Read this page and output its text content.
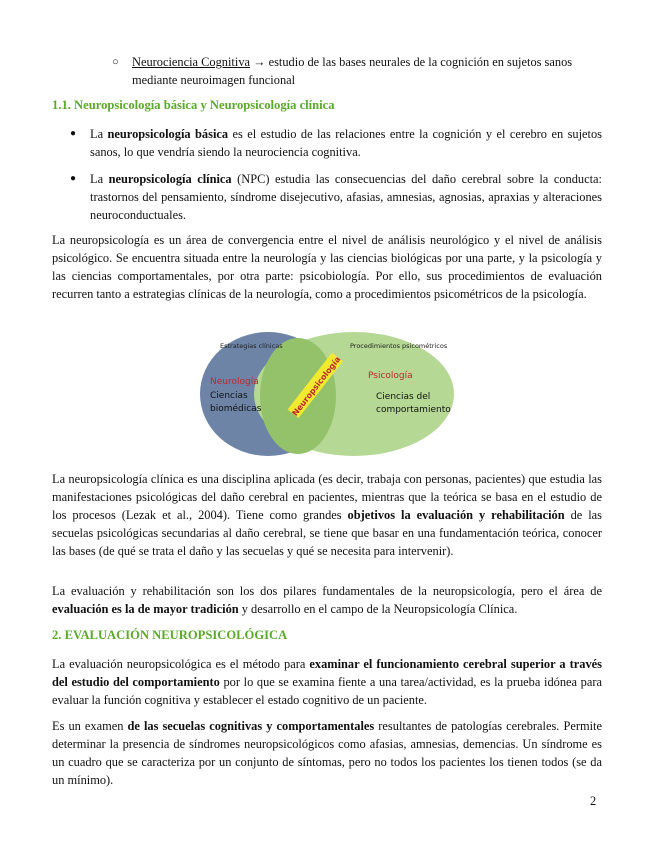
○ Neurociencia Cognitiva → estudio de las bases neurales de la cognición en sujetos sanos
mediante neuroimagen funcional
1.1. Neuropsicología básica y Neuropsicología clínica
●	La neuropsicología básica es el estudio de las relaciones entre la cognición y el cerebro en sujetos sanos, lo que vendría siendo la neurociencia cognitiva.
●	La neuropsicología clínica (NPC) estudia las consecuencias del daño cerebral sobre la conducta: trastornos del pensamiento, síndrome disejecutivo, afasias, amnesias, agnosias, apraxias y alteraciones neuroconductuales.

La neuropsicología es un área de convergencia entre el nivel de análisis neurológico y el nivel de análisis psicológico. Se encuentra situada entre la neurología y las ciencias biológicas por una parte, y la psicología y las ciencias comportamentales, por otra parte: psicobiología. Por ello, sus procedimientos de evaluación recurren tanto a estrategias clínicas de la neurología, como a procedimientos psicométricos de la psicología.

Estrategias clínicas	Procedimientos psicométricos
Neurología
Ciencias
biomédicas
Psicología
Ciencias del
comportamiento
Neuropsicología

La neuropsicología clínica es una disciplina aplicada (es decir, trabaja con personas, pacientes) que estudia las manifestaciones psicológicas del daño cerebral en pacientes, mientras que la teórica se basa en el estudio de los procesos (Lezak et al., 2004). Tiene como grandes objetivos la evaluación y rehabilitación de las secuelas psicológicas secundarias al daño cerebral, se tiene que basar en una fundamentación teórica, conocer las bases (de qué se trata el daño y las secuelas y qué se necesita para intervenir).

La evaluación y rehabilitación son los dos pilares fundamentales de la neuropsicología, pero el área de evaluación es la de mayor tradición y desarrollo en el campo de la Neuropsicología Clínica.

2. EVALUACIÓN NEUROPSICOLÓGICA

La evaluación neuropsicológica es el método para examinar el funcionamiento cerebral superior a través del estudio del comportamiento por lo que se examina fiente a una tarea/actividad, es la prueba idónea para evaluar la función cognitiva y establecer el estado cognitivo de un paciente.

Es un examen de las secuelas cognitivas y comportamentales resultantes de patologías cerebrales. Permite determinar la presencia de síndromes neuropsicológicos como afasias, amnesias, demencias. Un síndrome es un cuadro que se caracteriza por un conjunto de síntomas, pero no todos los pacientes los tienen todos (se da un mínimo).

2
